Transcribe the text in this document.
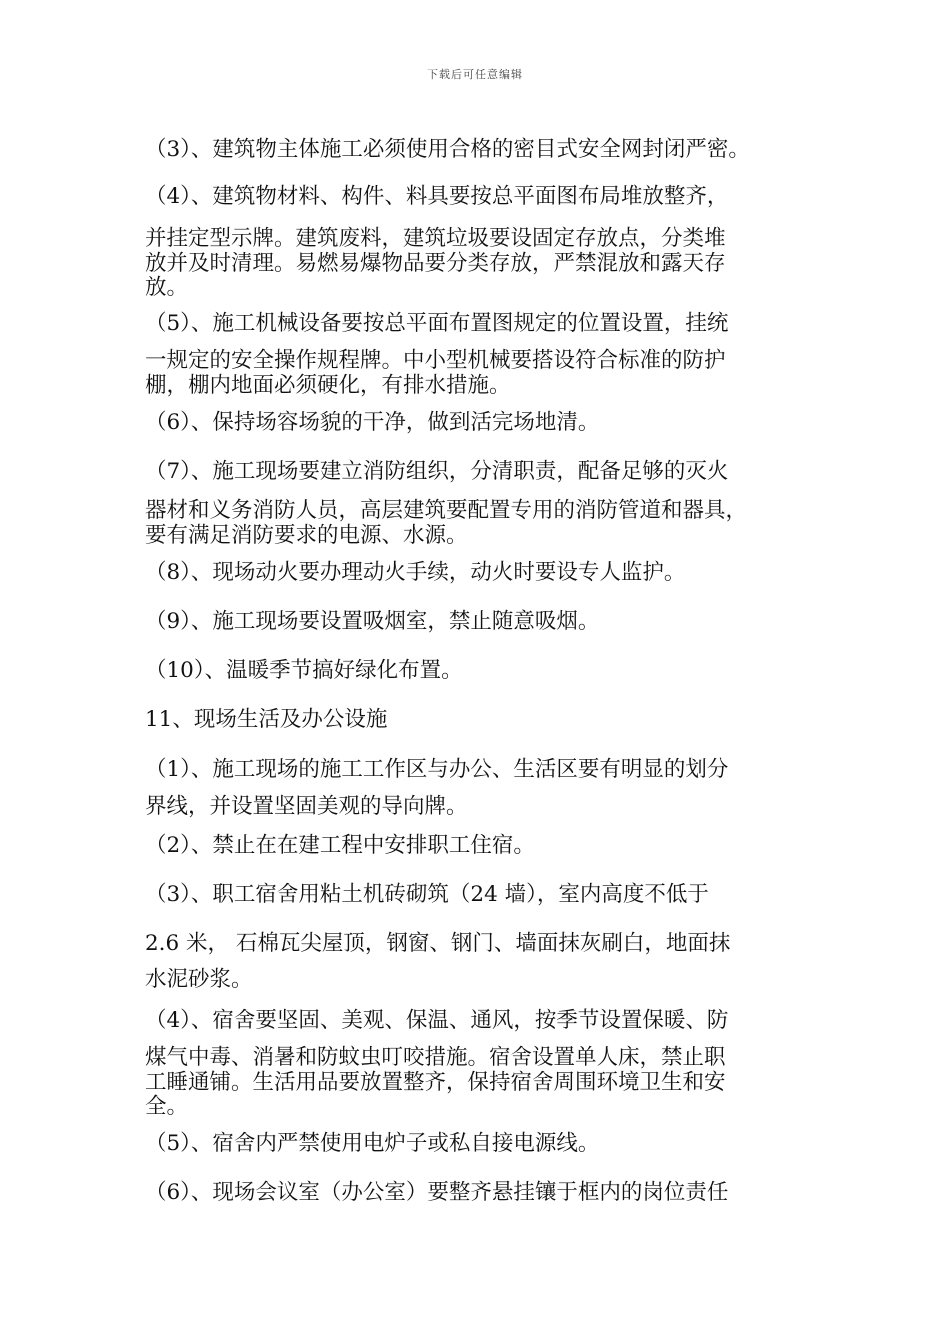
下载后可任意编辑
（3）、建筑物主体施工必须使用合格的密目式安全网封闭严密。
（4）、建筑物材料、构件、料具要按总平面图布局堆放整齐，
并挂定型示牌。建筑废料，建筑垃圾要设固定存放点，分类堆
放并及时清理。易燃易爆物品要分类存放，严禁混放和露天存
放。
（5）、施工机械设备要按总平面布置图规定的位置设置，挂统
一规定的安全操作规程牌。中小型机械要搭设符合标准的防护
棚，棚内地面必须硬化，有排水措施。
（6）、保持场容场貌的干净，做到活完场地清。
（7）、施工现场要建立消防组织，分清职责，配备足够的灭火
器材和义务消防人员，高层建筑要配置专用的消防管道和器具，
要有满足消防要求的电源、水源。
（8）、现场动火要办理动火手续，动火时要设专人监护。
（9）、施工现场要设置吸烟室，禁止随意吸烟。
（10）、温暖季节搞好绿化布置。
11、现场生活及办公设施
（1）、施工现场的施工工作区与办公、生活区要有明显的划分
界线，并设置坚固美观的导向牌。
（2）、禁止在在建工程中安排职工住宿。
（3）、职工宿舍用粘土机砖砌筑（24 墙），室内高度不低于
2.6 米， 石棉瓦尖屋顶，钢窗、钢门、墙面抹灰刷白，地面抹
水泥砂浆。
（4）、宿舍要坚固、美观、保温、通风，按季节设置保暖、防
煤气中毒、消暑和防蚊虫叮咬措施。宿舍设置单人床，禁止职
工睡通铺。生活用品要放置整齐，保持宿舍周围环境卫生和安
全。
（5）、宿舍内严禁使用电炉子或私自接电源线。
（6）、现场会议室（办公室）要整齐悬挂镶于框内的岗位责任
